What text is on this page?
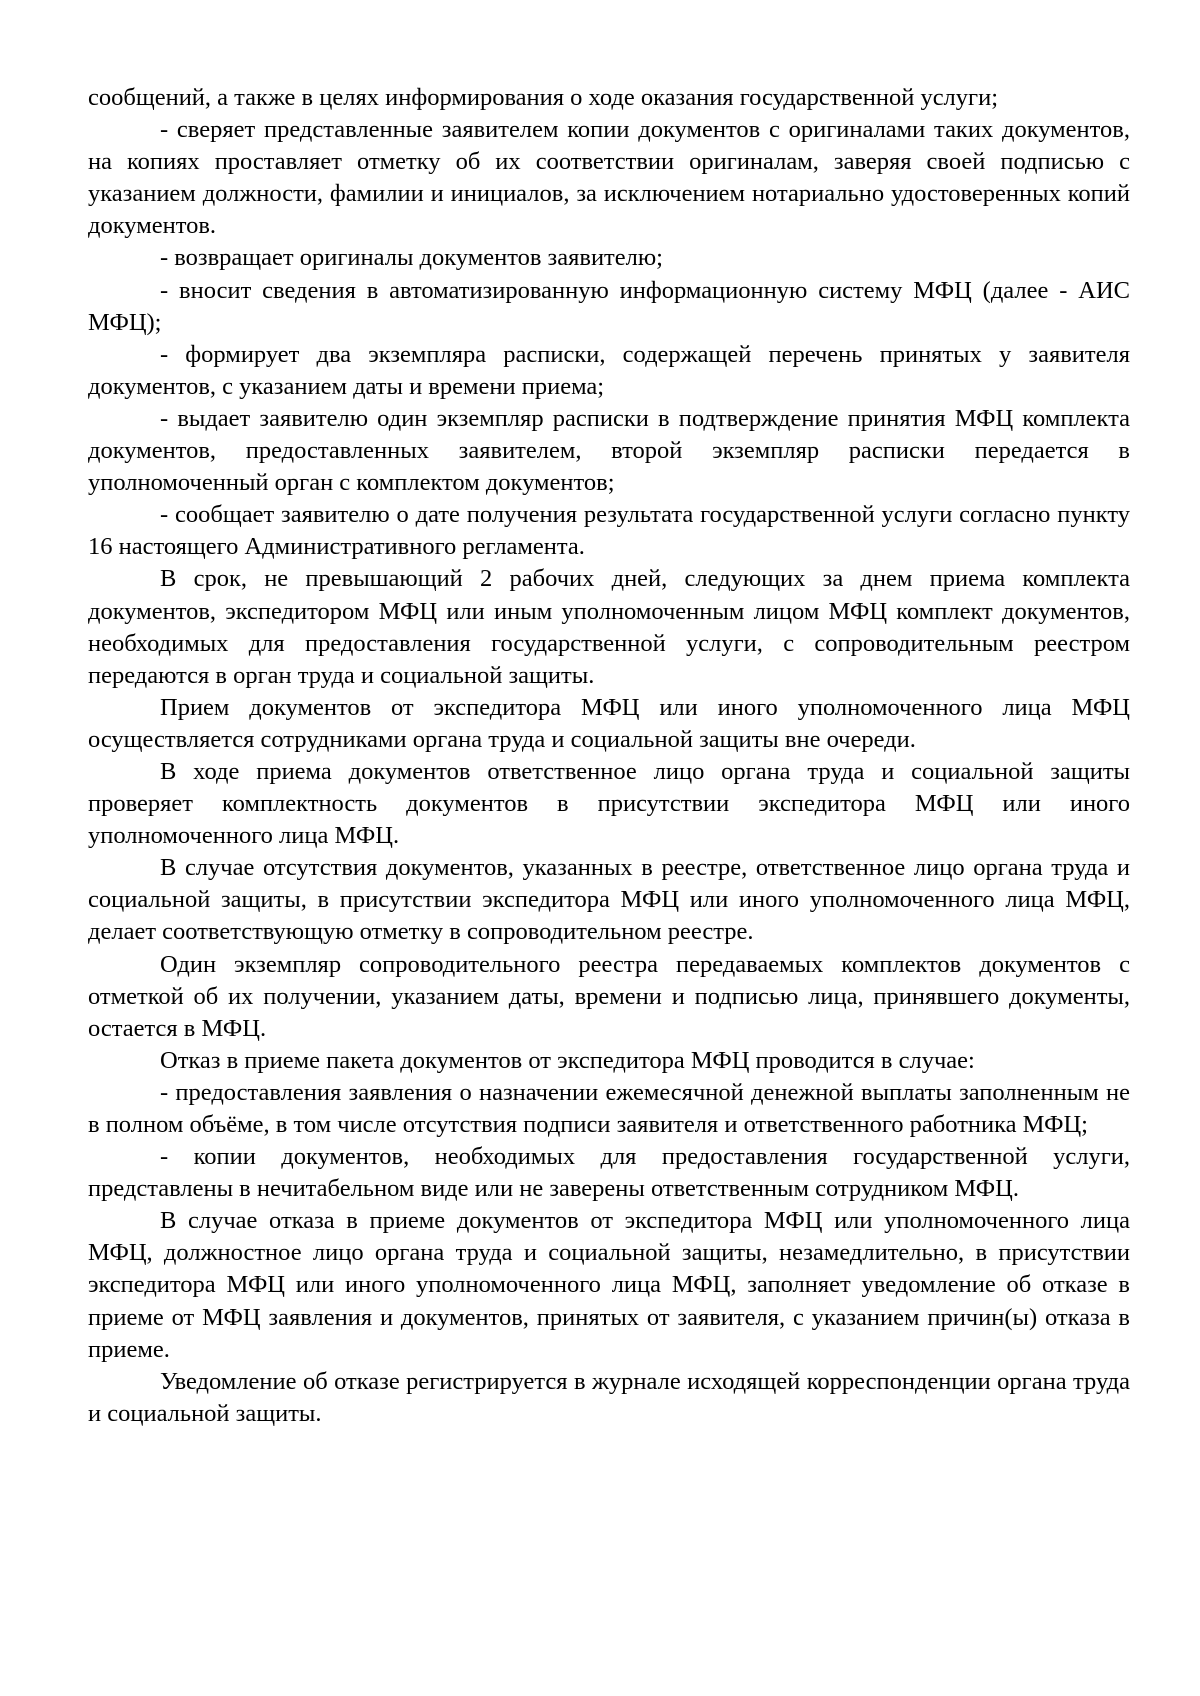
сообщений, а также в целях информирования о ходе оказания государственной услуги;

- сверяет представленные заявителем копии документов с оригиналами таких документов, на копиях проставляет отметку об их соответствии оригиналам, заверяя своей подписью с указанием должности, фамилии и инициалов, за исключением нотариально удостоверенных копий документов.

- возвращает оригиналы документов заявителю;

- вносит сведения в автоматизированную информационную систему МФЦ (далее - АИС МФЦ);

- формирует два экземпляра расписки, содержащей перечень принятых у заявителя документов, с указанием даты и времени приема;

- выдает заявителю один экземпляр расписки в подтверждение принятия МФЦ комплекта документов, предоставленных заявителем, второй экземпляр расписки передается в уполномоченный орган с комплектом документов;

- сообщает заявителю о дате получения результата государственной услуги согласно пункту 16 настоящего Административного регламента.

В срок, не превышающий 2 рабочих дней, следующих за днем приема комплекта документов, экспедитором МФЦ или иным уполномоченным лицом МФЦ комплект документов, необходимых для предоставления государственной услуги, с сопроводительным реестром передаются в орган труда и социальной защиты.

Прием документов от экспедитора МФЦ или иного уполномоченного лица МФЦ осуществляется сотрудниками органа труда и социальной защиты вне очереди.

В ходе приема документов ответственное лицо органа труда и социальной защиты проверяет комплектность документов в присутствии экспедитора МФЦ или иного уполномоченного лица МФЦ.

В случае отсутствия документов, указанных в реестре, ответственное лицо органа труда и социальной защиты, в присутствии экспедитора МФЦ или иного уполномоченного лица МФЦ, делает соответствующую отметку в сопроводительном реестре.

Один экземпляр сопроводительного реестра передаваемых комплектов документов с отметкой об их получении, указанием даты, времени и подписью лица, принявшего документы, остается в МФЦ.

Отказ в приеме пакета документов от экспедитора МФЦ проводится в случае:

- предоставления заявления о назначении ежемесячной денежной выплаты заполненным не в полном объёме, в том числе отсутствия подписи заявителя и ответственного работника МФЦ;

- копии документов, необходимых для предоставления государственной услуги, представлены в нечитабельном виде или не заверены ответственным сотрудником МФЦ.

В случае отказа в приеме документов от экспедитора МФЦ или уполномоченного лица МФЦ, должностное лицо органа труда и социальной защиты, незамедлительно, в присутствии экспедитора МФЦ или иного уполномоченного лица МФЦ, заполняет уведомление об отказе в приеме от МФЦ заявления и документов, принятых от заявителя, с указанием причин(ы) отказа в приеме.

Уведомление об отказе регистрируется в журнале исходящей корреспонденции органа труда и социальной защиты.
